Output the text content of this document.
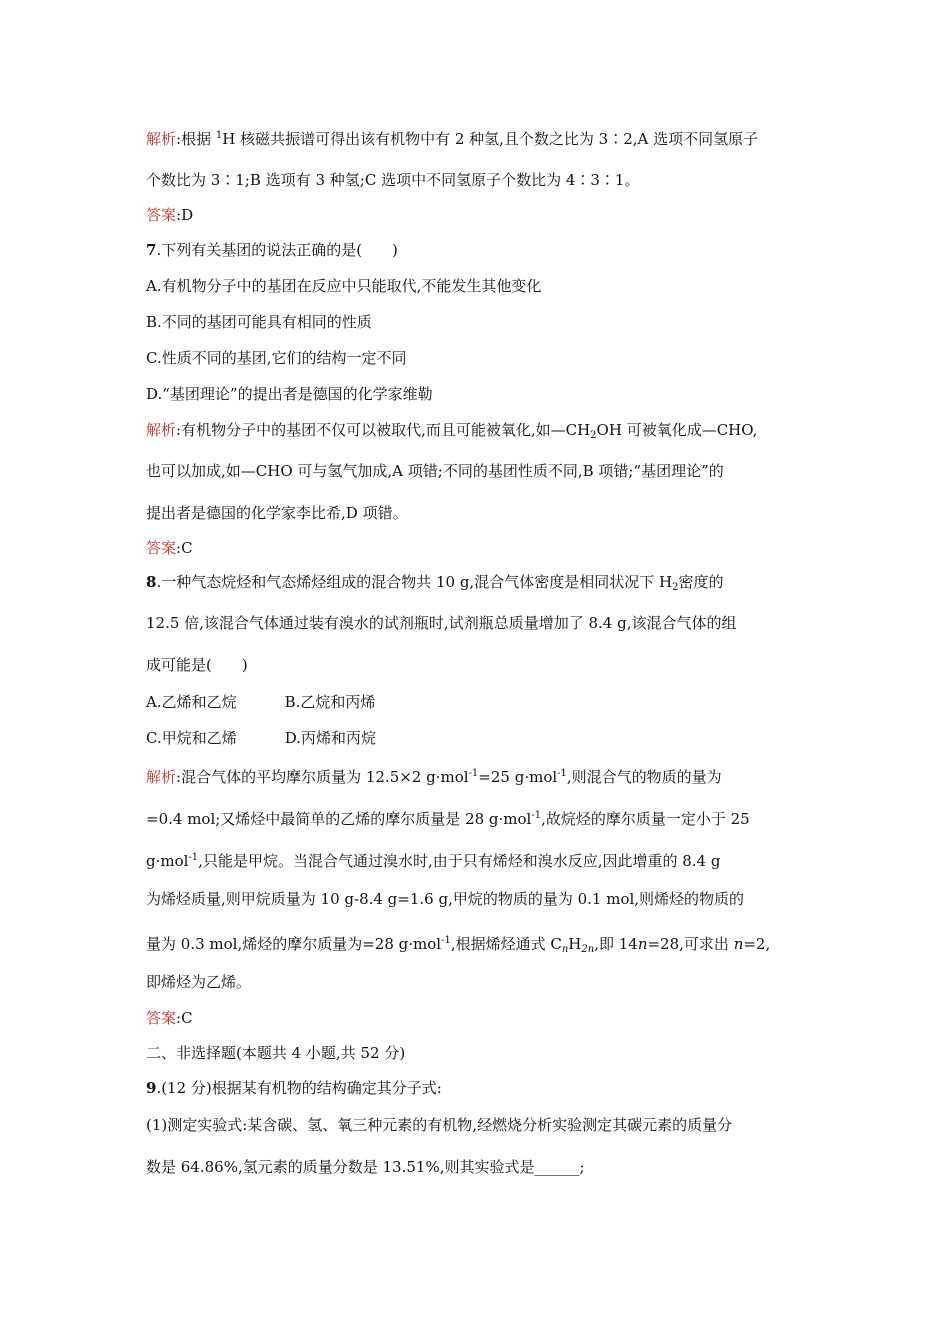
解析:根据 $^1$H 核磁共振谱可得出该有机物中有 2 种氢,且个数之比为 3∶2,A 选项不同氢原子
个数比为 3∶1;B 选项有 3 种氢;C 选项中不同氢原子个数比为 4∶3∶1。
答案:D
7.下列有关基团的说法正确的是(　　)
A.有机物分子中的基团在反应中只能取代,不能发生其他变化
B.不同的基团可能具有相同的性质
C.性质不同的基团,它们的结构一定不同
D.“基团理论”的提出者是德国的化学家维勒
解析:有机物分子中的基团不仅可以被取代,而且可能被氧化,如$—CH_2OH$ 可被氧化成—CHO,
也可以加成,如—CHO 可与氢气加成,A 项错;不同的基团性质不同,B 项错;“基团理论”的
提出者是德国的化学家李比希,D 项错。
答案:C
8.一种气态烷烃和气态烯烃组成的混合物共 10 g,混合气体密度是相同状况下 $H_2$密度的
12.5 倍,该混合气体通过装有溴水的试剂瓶时,试剂瓶总质量增加了 8.4 g,该混合气体的组
成可能是(　　)
A.乙烯和乙烷	B.乙烷和丙烯
C.甲烷和乙烯	D.丙烯和丙烷
解析:混合气体的平均摩尔质量为 12.5×2 g·mol$^{-1}$=25 g·mol$^{-1}$,则混合气的物质的量为
=0.4 mol;又烯烃中最简单的乙烯的摩尔质量是 28 g·mol$^{-1}$,故烷烃的摩尔质量一定小于 25
g·mol$^{-1}$,只能是甲烷。当混合气通过溴水时,由于只有烯烃和溴水反应,因此增重的 8.4 g
为烯烃质量,则甲烷质量为 10 g-8.4 g=1.6 g,甲烷的物质的量为 0.1 mol,则烯烃的物质的
量为 0.3 mol,烯烃的摩尔质量为=28 g·mol$^{-1}$,根据烯烃通式 $C_nH_{2n}$,即 14n=28,可求出 n=2,
即烯烃为乙烯。
答案:C
二、非选择题(本题共 4 小题,共 52 分)
9.(12 分)根据某有机物的结构确定其分子式:
(1)测定实验式:某含碳、氢、氧三种元素的有机物,经燃烧分析实验测定其碳元素的质量分
数是 64.86%,氢元素的质量分数是 13.51%,则其实验式是______;
